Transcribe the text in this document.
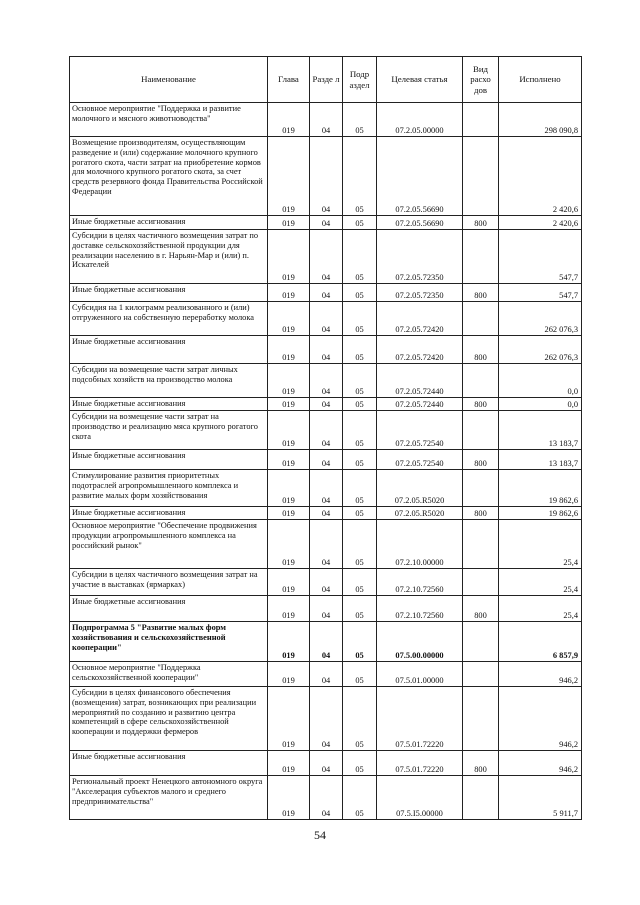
Наименование	Глава	Разде л	Подр аздел	Целевая статья	Вид расхо дов	Исполнено
Основное мероприятие "Поддержка и развитие молочного и мясного животноводства"	019	04	05	07.2.05.00000		298 090,8
Возмещение производителям, осуществляющим разведение и (или) содержание молочного крупного рогатого скота, части затрат на приобретение кормов для молочного крупного рогатого скота, за счет средств резервного фонда Правительства Российской Федерации	019	04	05	07.2.05.56690		2 420,6
Иные бюджетные ассигнования	019	04	05	07.2.05.56690	800	2 420,6
Субсидии в целях частичного возмещения затрат по доставке сельскохозяйственной продукции для реализации населению в г. Нарьян-Мар и (или) п. Искателей	019	04	05	07.2.05.72350		547,7
Иные бюджетные ассигнования	019	04	05	07.2.05.72350	800	547,7
Субсидия на 1 килограмм реализованного и (или) отгруженного на собственную переработку молока	019	04	05	07.2.05.72420		262 076,3
Иные бюджетные ассигнования	019	04	05	07.2.05.72420	800	262 076,3
Субсидии на возмещение части затрат личных подсобных хозяйств на производство молока	019	04	05	07.2.05.72440		0,0
Иные бюджетные ассигнования	019	04	05	07.2.05.72440	800	0,0
Субсидии на возмещение части затрат на производство и реализацию мяса крупного рогатого скота	019	04	05	07.2.05.72540		13 183,7
Иные бюджетные ассигнования	019	04	05	07.2.05.72540	800	13 183,7
Стимулирование развития приоритетных подотраслей агропромышленного комплекса и развитие малых форм хозяйствования	019	04	05	07.2.05.R5020		19 862,6
Иные бюджетные ассигнования	019	04	05	07.2.05.R5020	800	19 862,6
Основное мероприятие "Обеспечение продвижения продукции агропромышленного комплекса на российский рынок"	019	04	05	07.2.10.00000		25,4
Субсидии в целях частичного возмещения затрат на участие в выставках (ярмарках)	019	04	05	07.2.10.72560		25,4
Иные бюджетные ассигнования	019	04	05	07.2.10.72560	800	25,4
Подпрограмма 5 "Развитие малых форм хозяйствования и сельскохозяйственной кооперации"	019	04	05	07.5.00.00000		6 857,9
Основное мероприятие "Поддержка сельскохозяйственной кооперации"	019	04	05	07.5.01.00000		946,2
Субсидии в целях финансового обеспечения (возмещения) затрат, возникающих при реализации мероприятий по созданию и развитию центра компетенций в сфере сельскохозяйственной кооперации и поддержки фермеров	019	04	05	07.5.01.72220		946,2
Иные бюджетные ассигнования	019	04	05	07.5.01.72220	800	946,2
Региональный проект Ненецкого автономного округа "Акселерация субъектов малого и среднего предпринимательства"	019	04	05	07.5.I5.00000		5 911,7
54
